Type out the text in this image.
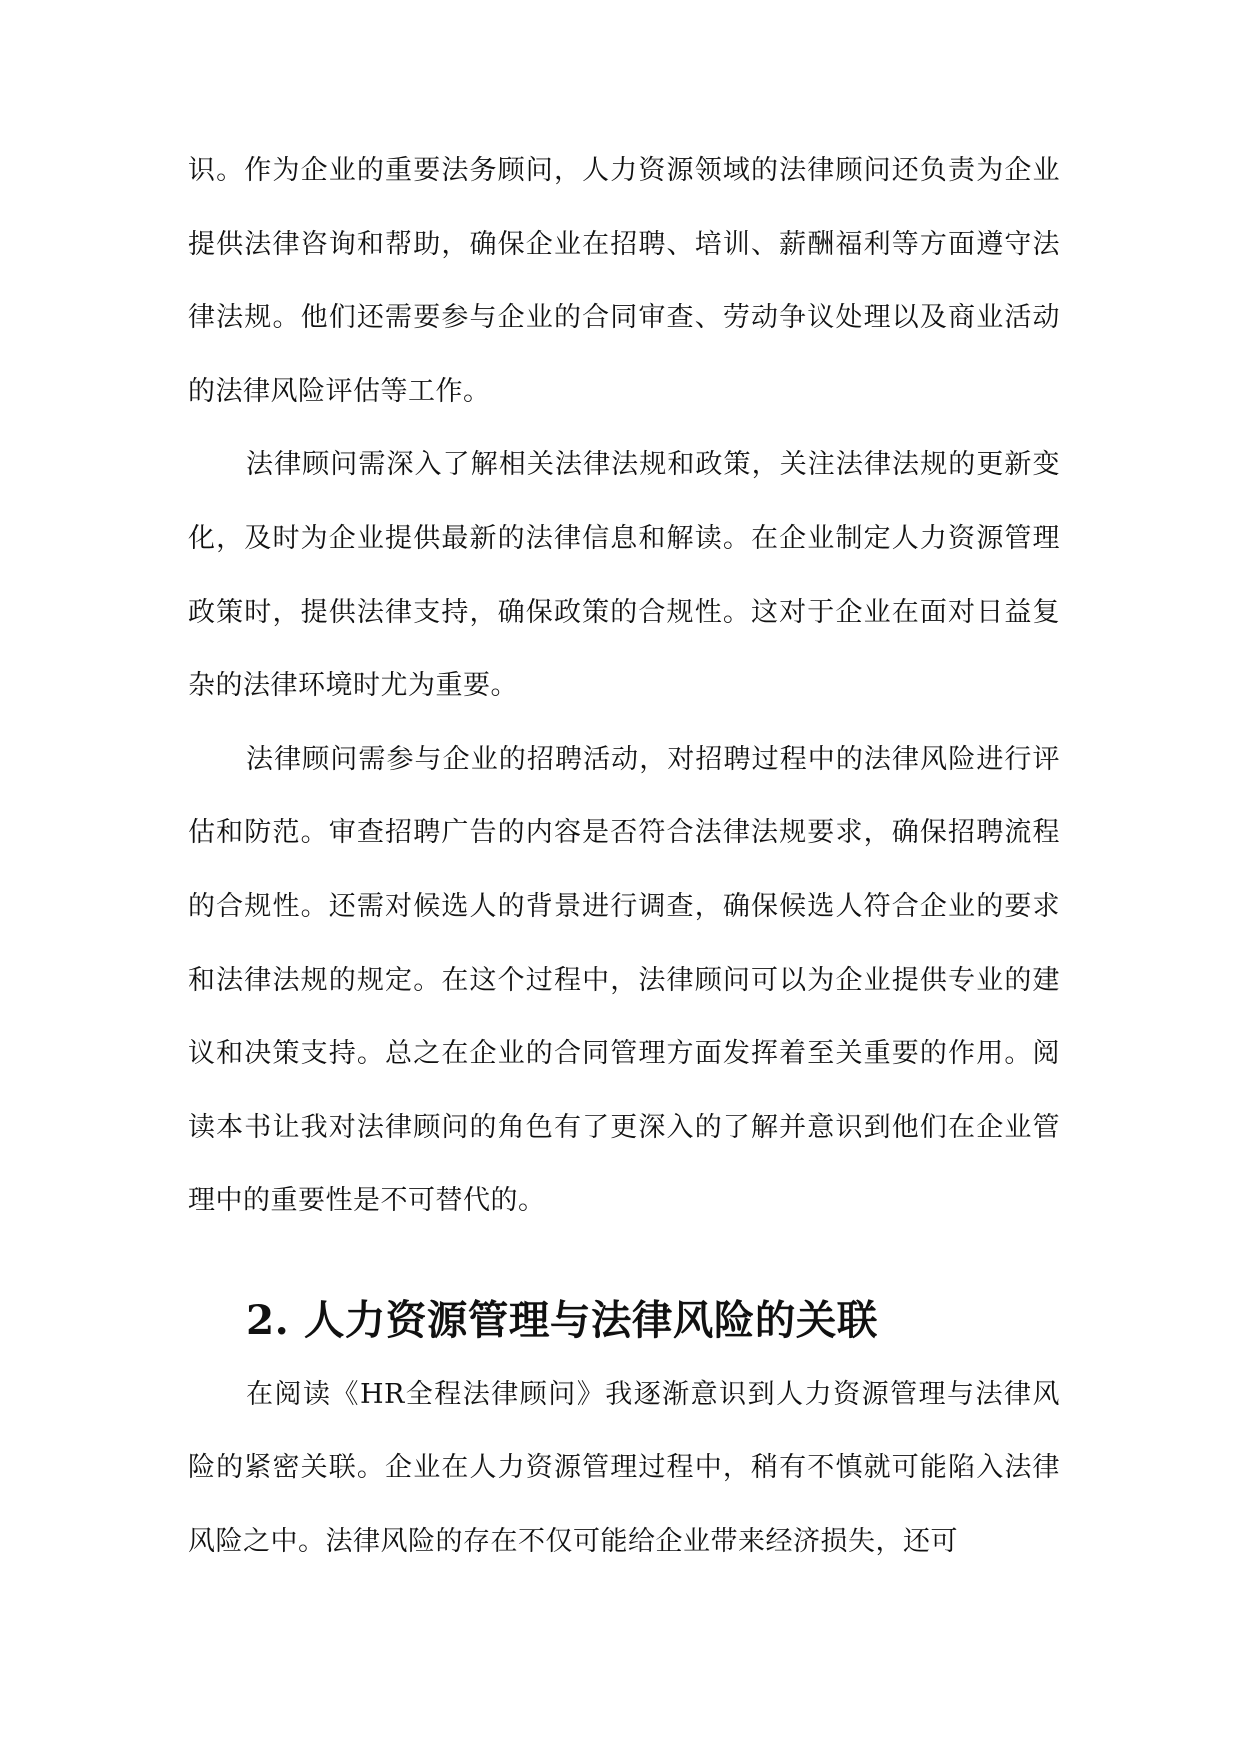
识。作为企业的重要法务顾问，人力资源领域的法律顾问还负责为企业提供法律咨询和帮助，确保企业在招聘、培训、薪酬福利等方面遵守法律法规。他们还需要参与企业的合同审查、劳动争议处理以及商业活动的法律风险评估等工作。

法律顾问需深入了解相关法律法规和政策，关注法律法规的更新变化，及时为企业提供最新的法律信息和解读。在企业制定人力资源管理政策时，提供法律支持，确保政策的合规性。这对于企业在面对日益复杂的法律环境时尤为重要。

法律顾问需参与企业的招聘活动，对招聘过程中的法律风险进行评估和防范。审查招聘广告的内容是否符合法律法规要求，确保招聘流程的合规性。还需对候选人的背景进行调查，确保候选人符合企业的要求和法律法规的规定。在这个过程中，法律顾问可以为企业提供专业的建议和决策支持。总之在企业的合同管理方面发挥着至关重要的作用。阅读本书让我对法律顾问的角色有了更深入的了解并意识到他们在企业管理中的重要性是不可替代的。

2. 人力资源管理与法律风险的关联

在阅读《HR全程法律顾问》我逐渐意识到人力资源管理与法律风险的紧密关联。企业在人力资源管理过程中，稍有不慎就可能陷入法律风险之中。法律风险的存在不仅可能给企业带来经济损失，还可
